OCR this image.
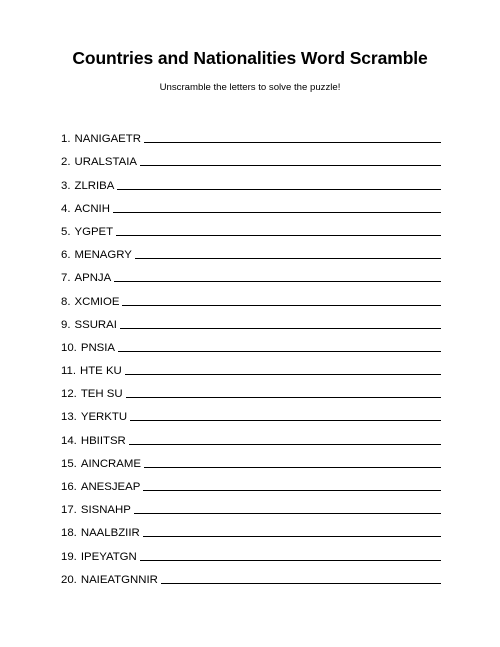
Countries and Nationalities Word Scramble
Unscramble the letters to solve the puzzle!
1. NANIGAETR
2. URALSTAIA
3. ZLRIBA
4. ACNIH
5. YGPET
6. MENAGRY
7. APNJA
8. XCMIOE
9. SSURAI
10. PNSIA
11. HTE KU
12. TEH SU
13. YERKTU
14. HBIITSR
15. AINCRAME
16. ANESJEAP
17. SISNAHP
18. NAALBZIIR
19. IPEYATGN
20. NAIEATGNNIR
